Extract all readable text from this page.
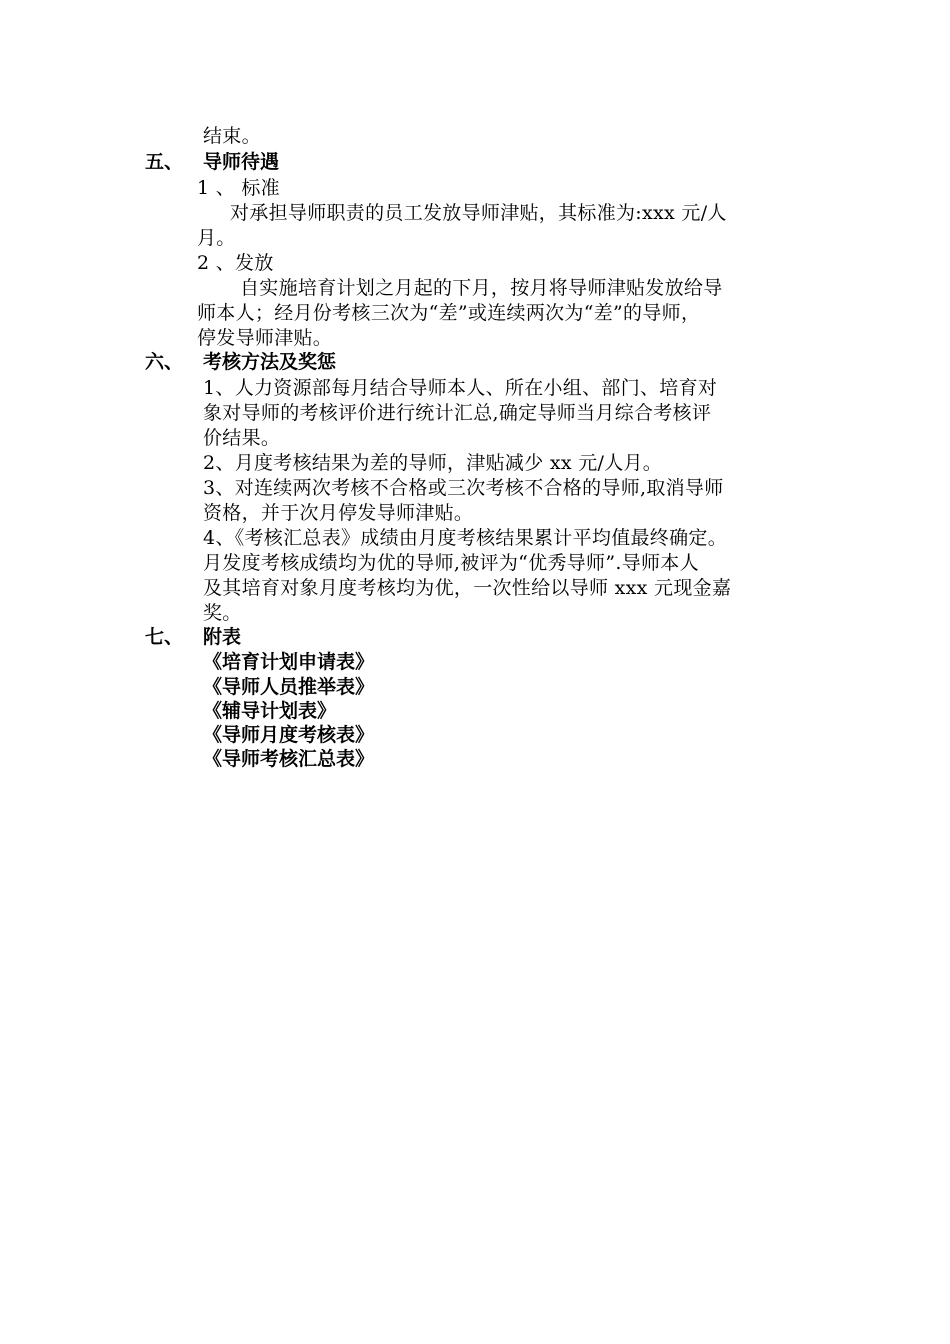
结束。
五、 导师待遇
1 、 标准
对承担导师职责的员工发放导师津贴，其标准为:xxx 元/人
月。
2 、发放
自实施培育计划之月起的下月，按月将导师津贴发放给导
师本人；经月份考核三次为“差”或连续两次为“差”的导师，
停发导师津贴。
六、 考核方法及奖惩
1、人力资源部每月结合导师本人、所在小组、部门、培育对
象对导师的考核评价进行统计汇总,确定导师当月综合考核评
价结果。
2、月度考核结果为差的导师，津贴减少 xx 元/人月。
3、对连续两次考核不合格或三次考核不合格的导师,取消导师
资格，并于次月停发导师津贴。
4、《考核汇总表》成绩由月度考核结果累计平均值最终确定。
月发度考核成绩均为优的导师,被评为“优秀导师”.导师本人
及其培育对象月度考核均为优，一次性给以导师 xxx 元现金嘉
奖。
七、 附表
《培育计划申请表》
《导师人员推举表》
《辅导计划表》
《导师月度考核表》
《导师考核汇总表》
